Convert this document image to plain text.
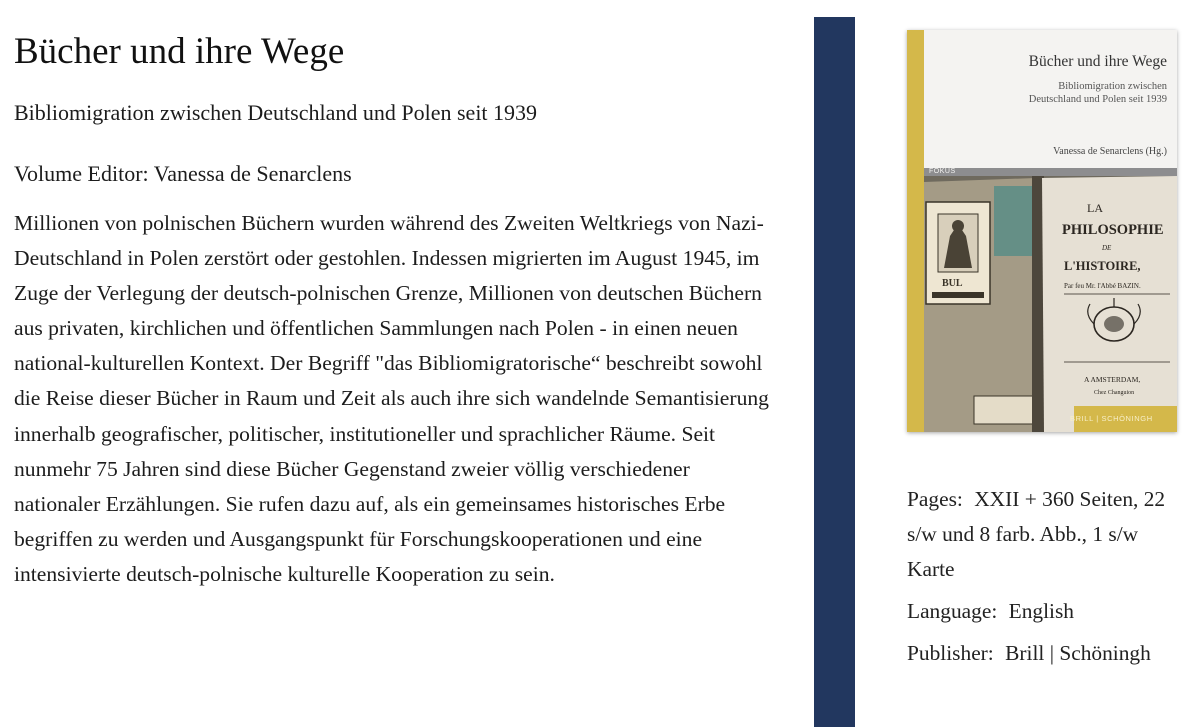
Bücher und ihre Wege

Bibliomigration zwischen Deutschland und Polen seit 1939

Volume Editor: Vanessa de Senarclens

Millionen von polnischen Büchern wurden während des Zweiten Weltkriegs von Nazi-Deutschland in Polen zerstört oder gestohlen. Indessen migrierten im August 1945, im Zuge der Verlegung der deutsch-polnischen Grenze, Millionen von deutschen Büchern aus privaten, kirchlichen und öffentlichen Sammlungen nach Polen - in einen neuen national-kulturellen Kontext. Der Begriff "das Bibliomigratorische“ beschreibt sowohl die Reise dieser Bücher in Raum und Zeit als auch ihre sich wandelnde Semantisierung innerhalb geografischer, politischer, institutioneller und sprachlicher Räume. Seit nunmehr 75 Jahren sind diese Bücher Gegenstand zweier völlig verschiedener nationaler Erzählungen. Sie rufen dazu auf, als ein gemeinsames historisches Erbe begriffen zu werden und Ausgangspunkt für Forschungskooperationen und eine intensivierte deutsch-polnische kulturelle Kooperation zu sein.

Bücher und ihre Wege
Bibliomigration zwischen
Deutschland und Polen seit 1939
Vanessa de Senarclens (Hg.)
FOKUS
BUL
LA
PHILOSOPHIE
DE
L'HISTOIRE,
Par feu Mr. l'Abbé BAZIN.
A AMSTERDAM,
Chez Changuion
BRILL | SCHÖNINGH

Pages: XXII + 360 Seiten, 22 s/w und 8 farb. Abb., 1 s/w Karte

Language: English

Publisher: Brill | Schöningh
